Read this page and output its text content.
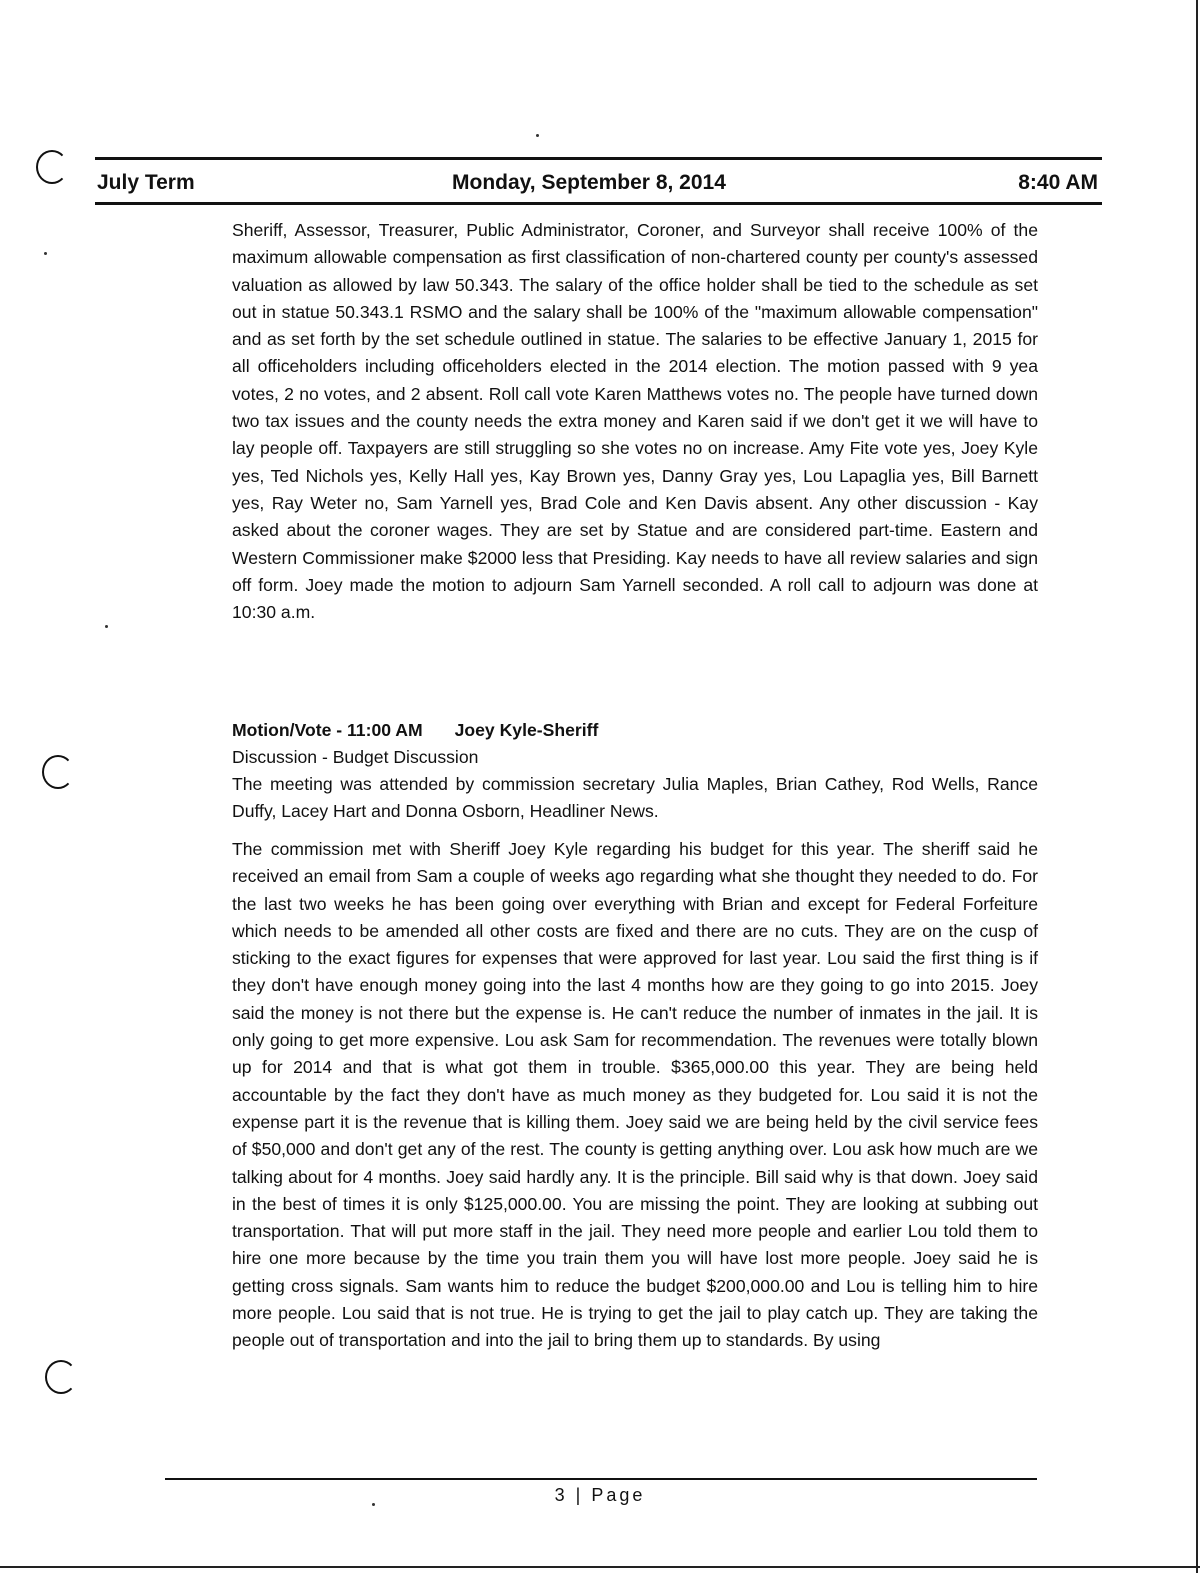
July Term	Monday, September 8, 2014	8:40 AM

Sheriff, Assessor, Treasurer, Public Administrator, Coroner, and Surveyor shall receive 100% of the maximum allowable compensation as first classification of non-chartered county per county's assessed valuation as allowed by law 50.343. The salary of the office holder shall be tied to the schedule as set out in statue 50.343.1 RSMO and the salary shall be 100% of the "maximum allowable compensation" and as set forth by the set schedule outlined in statue. The salaries to be effective January 1, 2015 for all officeholders including officeholders elected in the 2014 election. The motion passed with 9 yea votes, 2 no votes, and 2 absent. Roll call vote Karen Matthews votes no. The people have turned down two tax issues and the county needs the extra money and Karen said if we don't get it we will have to lay people off. Taxpayers are still struggling so she votes no on increase. Amy Fite vote yes, Joey Kyle yes, Ted Nichols yes, Kelly Hall yes, Kay Brown yes, Danny Gray yes, Lou Lapaglia yes, Bill Barnett yes, Ray Weter no, Sam Yarnell yes, Brad Cole and Ken Davis absent. Any other discussion - Kay asked about the coroner wages. They are set by Statue and are considered part-time. Eastern and Western Commissioner make $2000 less that Presiding. Kay needs to have all review salaries and sign off form. Joey made the motion to adjourn Sam Yarnell seconded. A roll call to adjourn was done at 10:30 a.m.

Motion/Vote - 11:00 AM Joey Kyle-Sheriff
Discussion - Budget Discussion

The meeting was attended by commission secretary Julia Maples, Brian Cathey, Rod Wells, Rance Duffy, Lacey Hart and Donna Osborn, Headliner News.

The commission met with Sheriff Joey Kyle regarding his budget for this year. The sheriff said he received an email from Sam a couple of weeks ago regarding what she thought they needed to do. For the last two weeks he has been going over everything with Brian and except for Federal Forfeiture which needs to be amended all other costs are fixed and there are no cuts. They are on the cusp of sticking to the exact figures for expenses that were approved for last year. Lou said the first thing is if they don't have enough money going into the last 4 months how are they going to go into 2015. Joey said the money is not there but the expense is. He can't reduce the number of inmates in the jail. It is only going to get more expensive. Lou ask Sam for recommendation. The revenues were totally blown up for 2014 and that is what got them in trouble. $365,000.00 this year. They are being held accountable by the fact they don't have as much money as they budgeted for. Lou said it is not the expense part it is the revenue that is killing them. Joey said we are being held by the civil service fees of $50,000 and don't get any of the rest. The county is getting anything over. Lou ask how much are we talking about for 4 months. Joey said hardly any. It is the principle. Bill said why is that down. Joey said in the best of times it is only $125,000.00. You are missing the point. They are looking at subbing out transportation. That will put more staff in the jail. They need more people and earlier Lou told them to hire one more because by the time you train them you will have lost more people. Joey said he is getting cross signals. Sam wants him to reduce the budget $200,000.00 and Lou is telling him to hire more people. Lou said that is not true. He is trying to get the jail to play catch up. They are taking the people out of transportation and into the jail to bring them up to standards. By using

3 | Page
